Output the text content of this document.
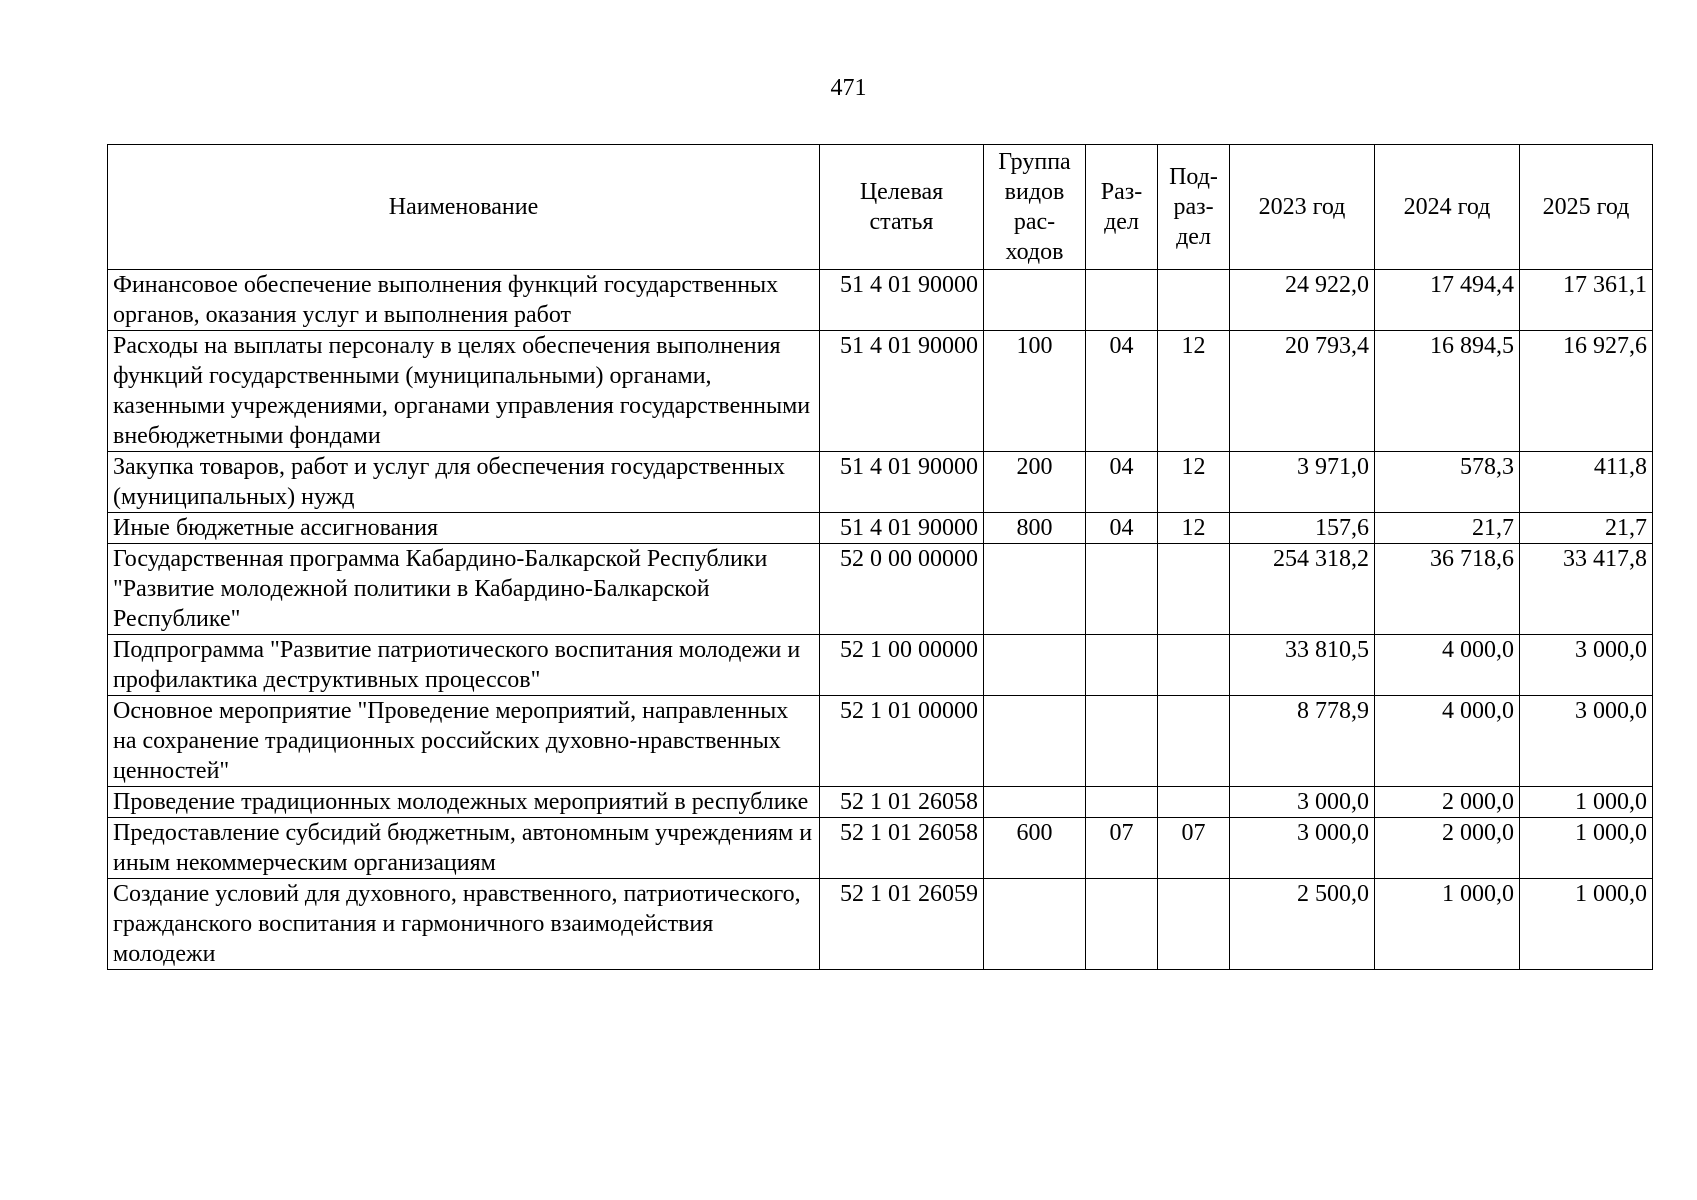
471
Наименование	Целевая
статья	Группа
видов
рас-
ходов	Раз-
дел	Под-
раз-
дел	2023 год	2024 год	2025 год
Финансовое обеспечение выполнения функций государственных органов, оказания услуг и выполнения работ	51 4 01 90000				24 922,0	17 494,4	17 361,1
Расходы на выплаты персоналу в целях обеспечения выполнения функций государственными (муниципальными) органами, казенными учреждениями, органами управления государственными внебюджетными фондами	51 4 01 90000	100	04	12	20 793,4	16 894,5	16 927,6
Закупка товаров, работ и услуг для обеспечения государственных (муниципальных) нужд	51 4 01 90000	200	04	12	3 971,0	578,3	411,8
Иные бюджетные ассигнования	51 4 01 90000	800	04	12	157,6	21,7	21,7
Государственная программа Кабардино-Балкарской Республики "Развитие молодежной политики в Кабардино-Балкарской Республике"	52 0 00 00000				254 318,2	36 718,6	33 417,8
Подпрограмма "Развитие патриотического воспитания молодежи и профилактика деструктивных процессов"	52 1 00 00000				33 810,5	4 000,0	3 000,0
Основное мероприятие "Проведение мероприятий, направленных на сохранение традиционных российских духовно-нравственных ценностей"	52 1 01 00000				8 778,9	4 000,0	3 000,0
Проведение традиционных молодежных мероприятий в республике	52 1 01 26058				3 000,0	2 000,0	1 000,0
Предоставление субсидий бюджетным, автономным учреждениям и иным некоммерческим организациям	52 1 01 26058	600	07	07	3 000,0	2 000,0	1 000,0
Создание условий для духовного, нравственного, патриотического, гражданского воспитания и гармоничного взаимодействия молодежи	52 1 01 26059				2 500,0	1 000,0	1 000,0
